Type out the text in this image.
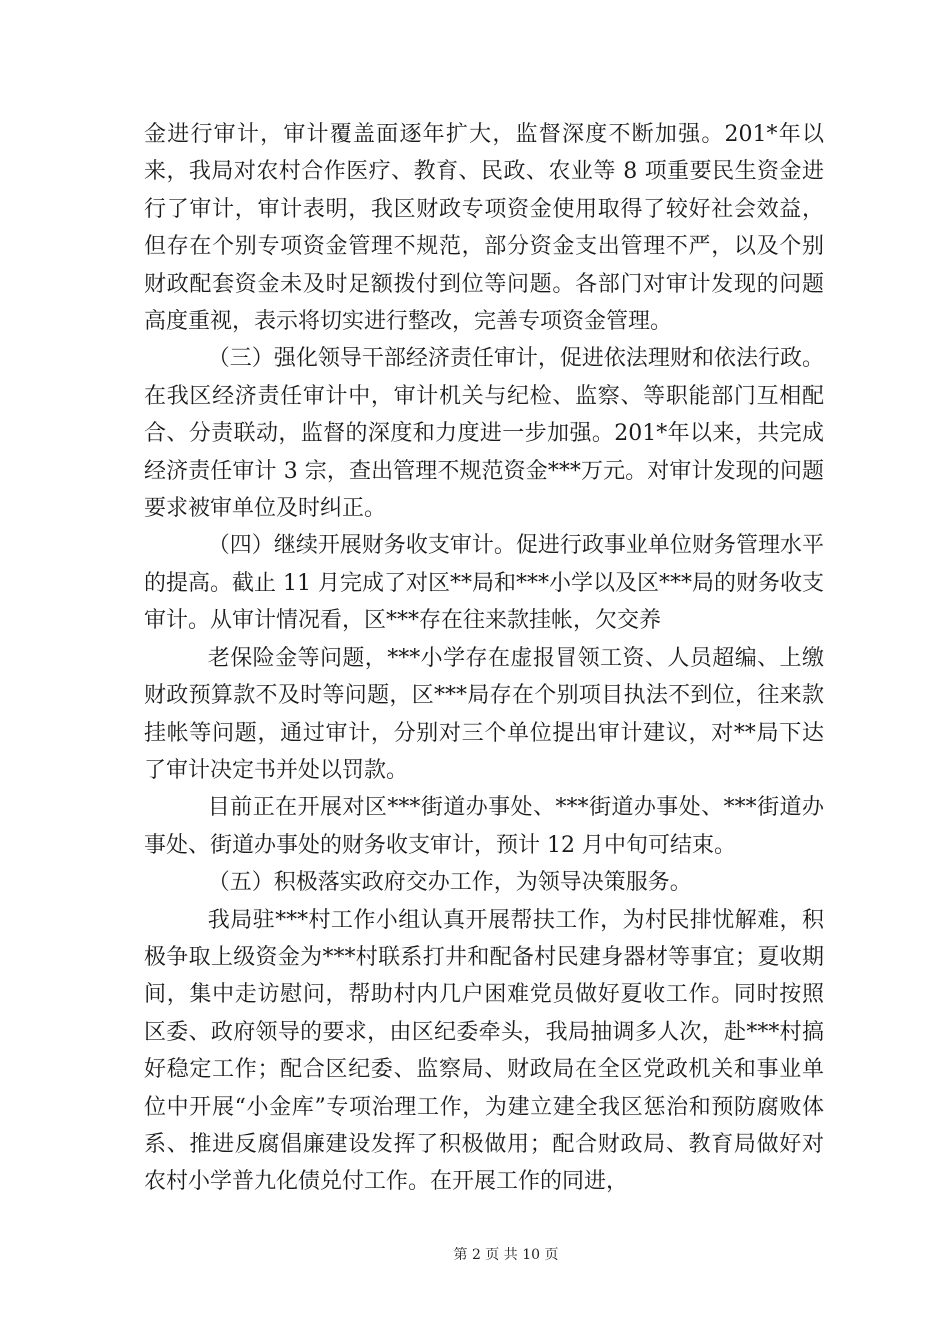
金进行审计，审计覆盖面逐年扩大，监督深度不断加强。201*年以来，我局对农村合作医疗、教育、民政、农业等 8 项重要民生资金进行了审计，审计表明，我区财政专项资金使用取得了较好社会效益，但存在个别专项资金管理不规范，部分资金支出管理不严，以及个别财政配套资金未及时足额拨付到位等问题。各部门对审计发现的问题高度重视，表示将切实进行整改，完善专项资金管理。

（三）强化领导干部经济责任审计，促进依法理财和依法行政。在我区经济责任审计中，审计机关与纪检、监察、等职能部门互相配合、分责联动，监督的深度和力度进一步加强。201*年以来，共完成经济责任审计 3 宗，查出管理不规范资金***万元。对审计发现的问题要求被审单位及时纠正。

（四）继续开展财务收支审计。促进行政事业单位财务管理水平的提高。截止 11 月完成了对区**局和***小学以及区***局的财务收支审计。从审计情况看，区***存在往来款挂帐，欠交养

老保险金等问题，***小学存在虚报冒领工资、人员超编、上缴财政预算款不及时等问题，区***局存在个别项目执法不到位，往来款挂帐等问题，通过审计，分别对三个单位提出审计建议，对**局下达了审计决定书并处以罚款。

目前正在开展对区***街道办事处、***街道办事处、***街道办事处、街道办事处的财务收支审计，预计 12 月中旬可结束。

（五）积极落实政府交办工作，为领导决策服务。

我局驻***村工作小组认真开展帮扶工作，为村民排忧解难，积极争取上级资金为***村联系打井和配备村民建身器材等事宜；夏收期间，集中走访慰问，帮助村内几户困难党员做好夏收工作。同时按照区委、政府领导的要求，由区纪委牵头，我局抽调多人次，赴***村搞好稳定工作；配合区纪委、监察局、财政局在全区党政机关和事业单位中开展“小金库”专项治理工作，为建立建全我区惩治和预防腐败体系、推进反腐倡廉建设发挥了积极做用；配合财政局、教育局做好对农村小学普九化债兑付工作。在开展工作的同进，

第 2 页 共 10 页
